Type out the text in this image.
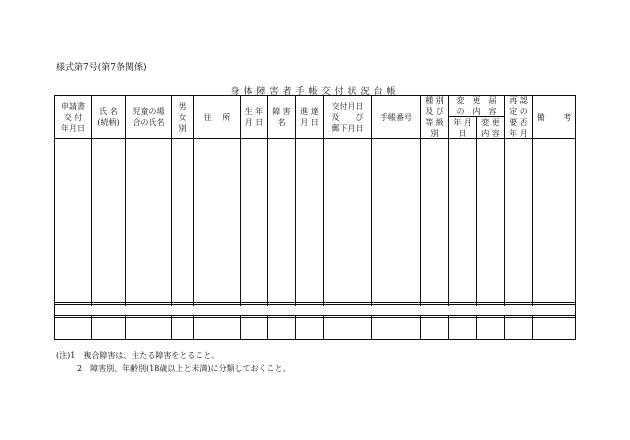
様式第7号(第7条関係)
身体障害者手帳交付状況台帳
申請書
交 付
年月日
氏 名
(続柄)
児童の場
合の氏名
男
女
別
住　 所
生 年
月 日
障 害
名
進 達
月 日
交付月日
及　　び
郵下月日
手帳番号
種 別
及 び
等 級
別
変　更　届
の　内　容
年 月
日
変 更
内 容
再 認
定 の
要 否
年 月
備　　 考
(注)1　複合障害は、主たる障害をとること。
2　障害別、年齢別(18歳以上と未満)に分類しておくこと。
